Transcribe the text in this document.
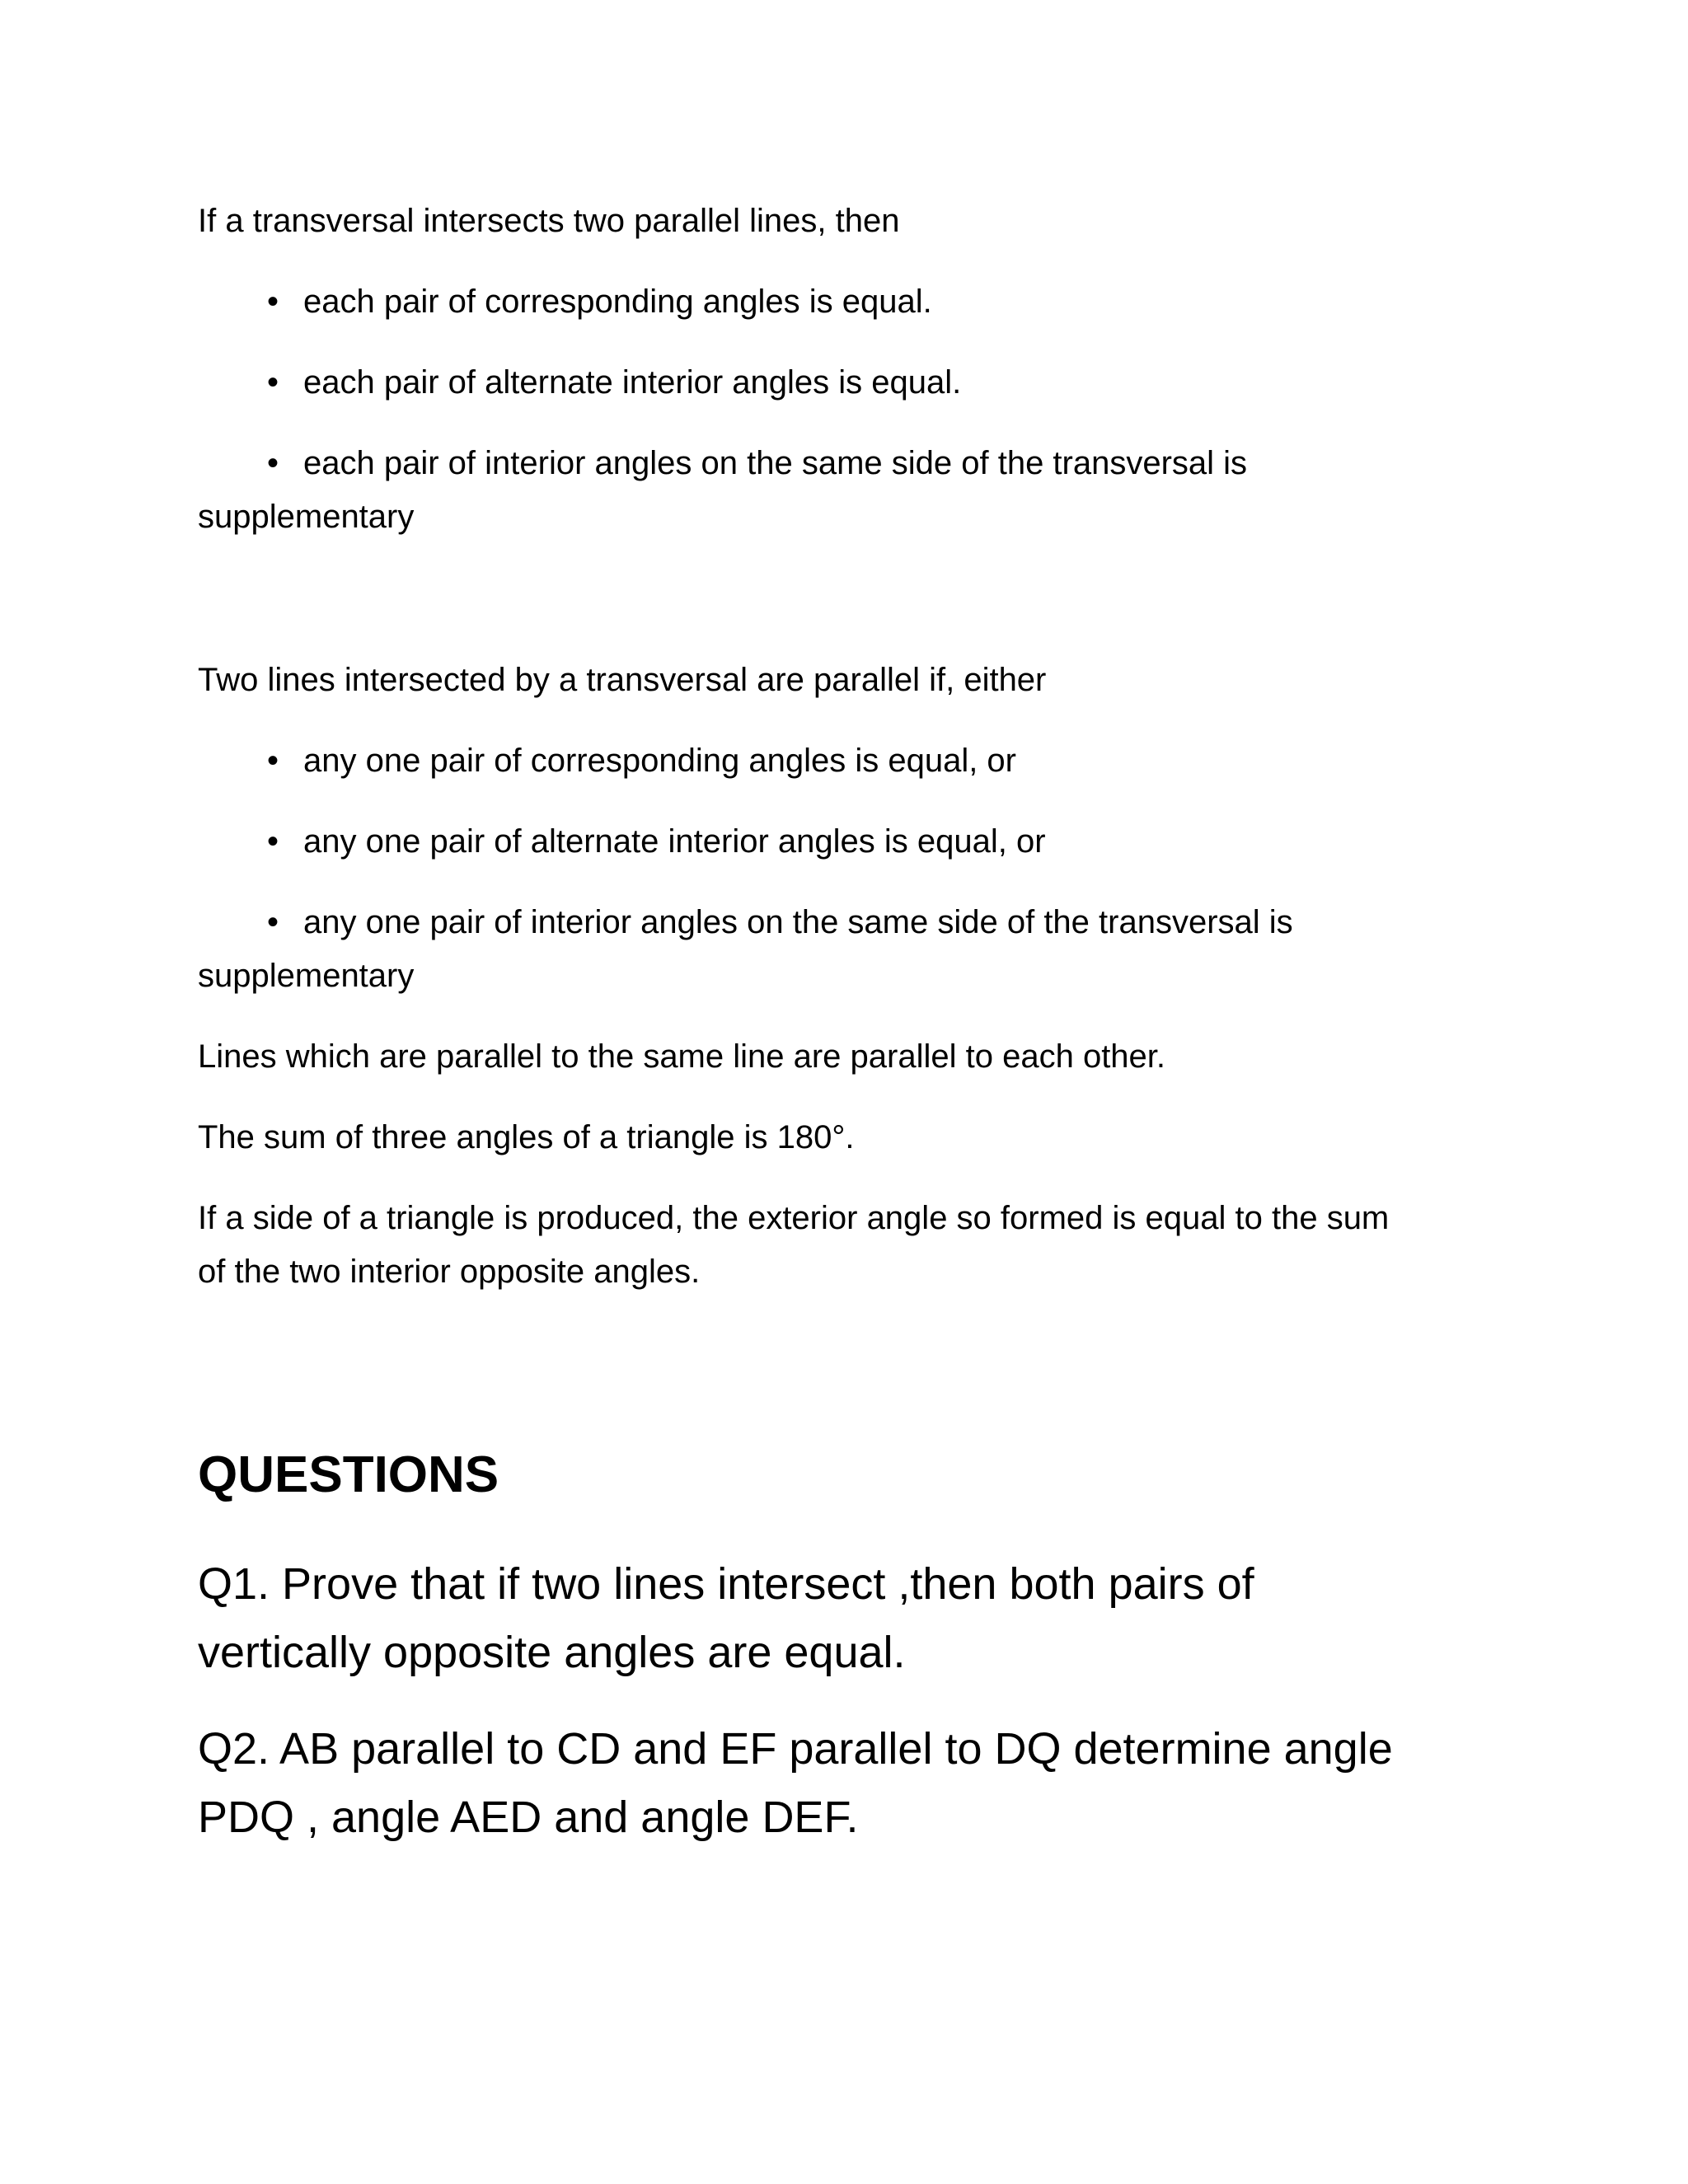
If a transversal intersects two parallel lines, then

• each pair of corresponding angles is equal.

• each pair of alternate interior angles is equal.

• each pair of interior angles on the same side of the transversal is

supplementary

Two lines intersected by a transversal are parallel if, either

• any one pair of corresponding angles is equal, or

• any one pair of alternate interior angles is equal, or

• any one pair of interior angles on the same side of the transversal is

supplementary

Lines which are parallel to the same line are parallel to each other.

The sum of three angles of a triangle is 180°.

If a side of a triangle is produced, the exterior angle so formed is equal to the sum

of the two interior opposite angles.

QUESTIONS

Q1. Prove that if two lines intersect ,then both pairs of

vertically opposite angles are equal.

Q2. AB parallel to CD and EF parallel to DQ determine angle

PDQ , angle AED and angle DEF.
